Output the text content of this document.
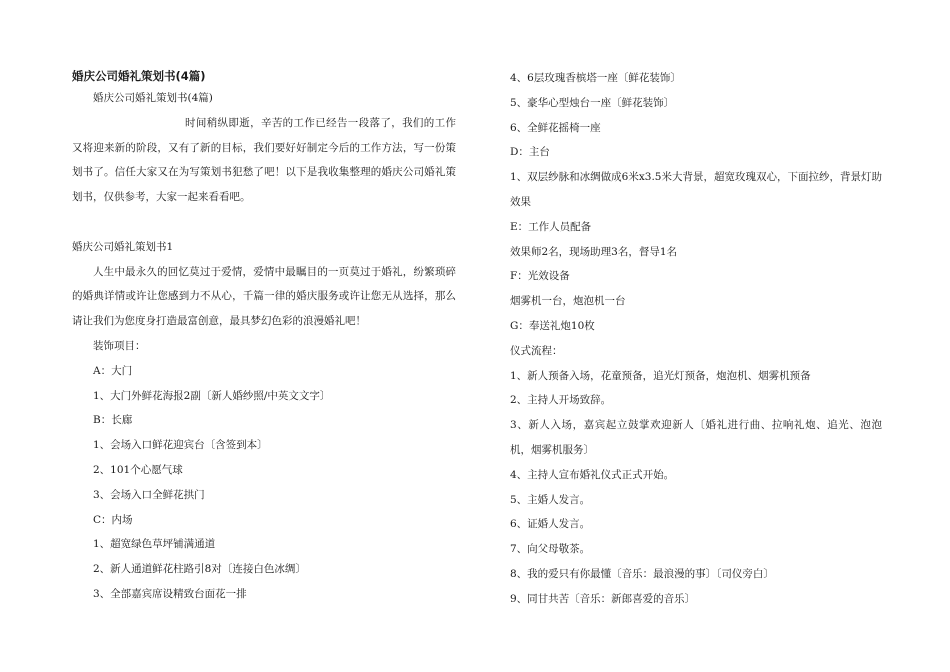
婚庆公司婚礼策划书(4篇)
婚庆公司婚礼策划书(4篇)
时间稍纵即逝，辛苦的工作已经告一段落了，我们的工作又将迎来新的阶段，又有了新的目标，我们要好好制定今后的工作方法，写一份策划书了。信任大家又在为写策划书犯愁了吧！以下是我收集整理的婚庆公司婚礼策划书，仅供参考，大家一起来看看吧。
婚庆公司婚礼策划书1
人生中最永久的回忆莫过于爱情，爱情中最瞩目的一页莫过于婚礼，纷繁琐碎的婚典详情或许让您感到力不从心，千篇一律的婚庆服务或许让您无从选择，那么请让我们为您度身打造最富创意，最具梦幻色彩的浪漫婚礼吧！
装饰项目：
A：大门
1、大门外鲜花海报2副〔新人婚纱照/中英文文字〕
B：长廊
1、会场入口鲜花迎宾台〔含签到本〕
2、101个心愿气球
3、会场入口全鲜花拱门
C：内场
1、超宽绿色草坪铺满通道
2、新人通道鲜花柱路引8对〔连接白色冰绸〕
3、全部嘉宾席设精致台面花一排
4、6层玫瑰香槟塔一座〔鲜花装饰〕
5、豪华心型烛台一座〔鲜花装饰〕
6、全鲜花摇椅一座
D：主台
1、双层纱脉和冰绸做成6米x3.5米大背景，超宽玫瑰双心，下面拉纱，背景灯助效果
E：工作人员配备
效果师2名，现场助理3名，督导1名
F：光效设备
烟雾机一台，炮泡机一台
G：奉送礼炮10枚
仪式流程：
1、新人预备入场，花童预备，追光灯预备，炮泡机、烟雾机预备
2、主持人开场致辞。
3、新人入场，嘉宾起立鼓掌欢迎新人〔婚礼进行曲、拉响礼炮、追光、泡泡机，烟雾机服务〕
4、主持人宣布婚礼仪式正式开始。
5、主婚人发言。
6、证婚人发言。
7、向父母敬茶。
8、我的爱只有你最懂〔音乐：最浪漫的事〕〔司仪旁白〕
9、同甘共苦〔音乐：新郎喜爱的音乐〕
